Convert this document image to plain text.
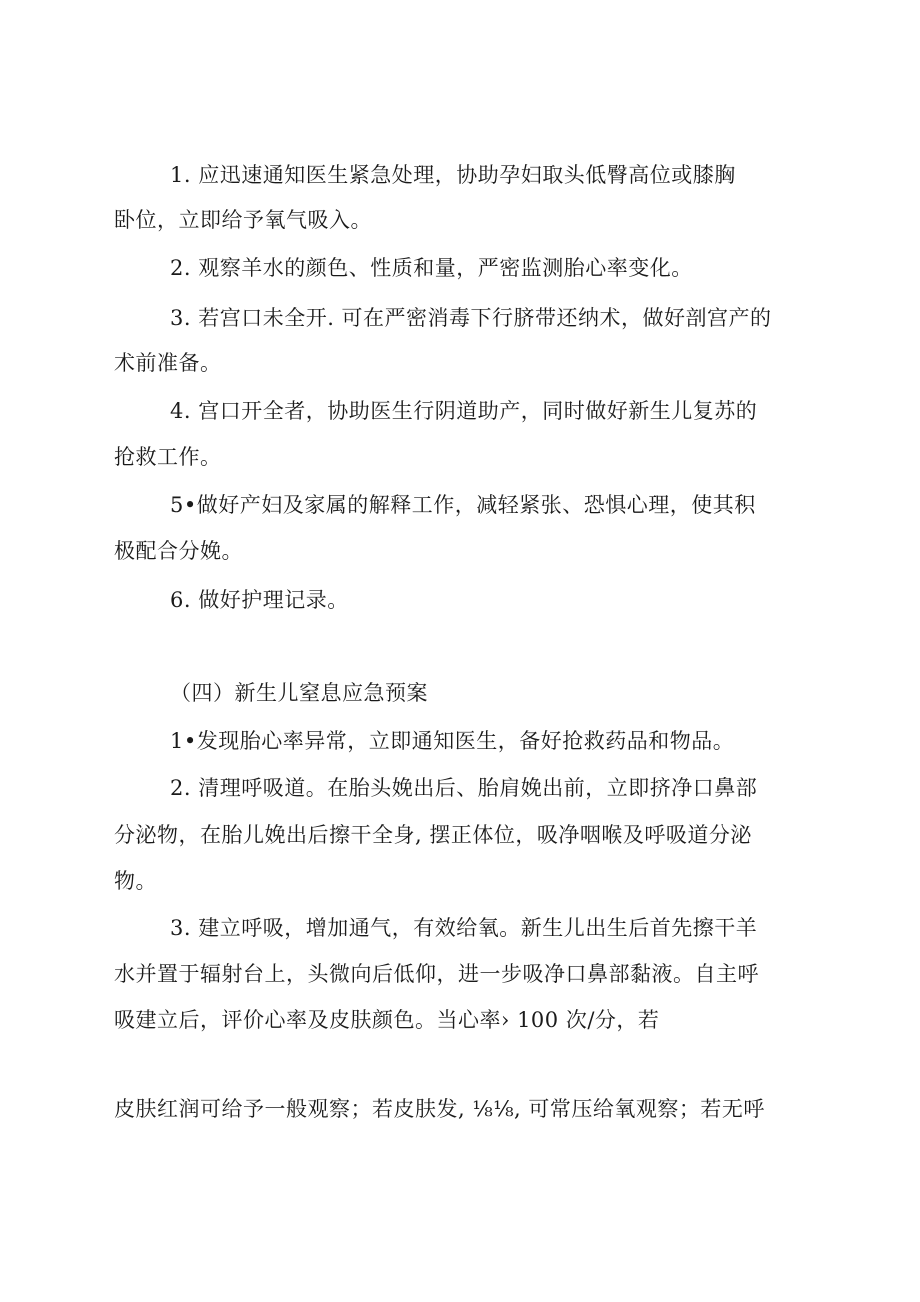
1. 应迅速通知医生紧急处理，协助孕妇取头低臀高位或膝胸
卧位，立即给予氧气吸入。
2. 观察羊水的颜色、性质和量，严密监测胎心率变化。
3. 若宫口未全开. 可在严密消毒下行脐带还纳术，做好剖宫产的
术前准备。
4. 宫口开全者，协助医生行阴道助产，同时做好新生儿复苏的
抢救工作。
5•做好产妇及家属的解释工作，减轻紧张、恐惧心理，使其积
极配合分娩。
6. 做好护理记录。
（四）新生儿窒息应急预案
1•发现胎心率异常，立即通知医生，备好抢救药品和物品。
2. 清理呼吸道。在胎头娩出后、胎肩娩出前，立即挤净口鼻部
分泌物，在胎儿娩出后擦干全身, 摆正体位，吸净咽喉及呼吸道分泌
物。
3. 建立呼吸，增加通气，有效给氧。新生儿出生后首先擦干羊
水并置于辐射台上，头微向后低仰，进一步吸净口鼻部黏液。自主呼
吸建立后，评价心率及皮肤颜色。当心率› 100 次/分，若
皮肤红润可给予一般观察；若皮肤发, ⅛⅛, 可常压给氧观察；若无呼
